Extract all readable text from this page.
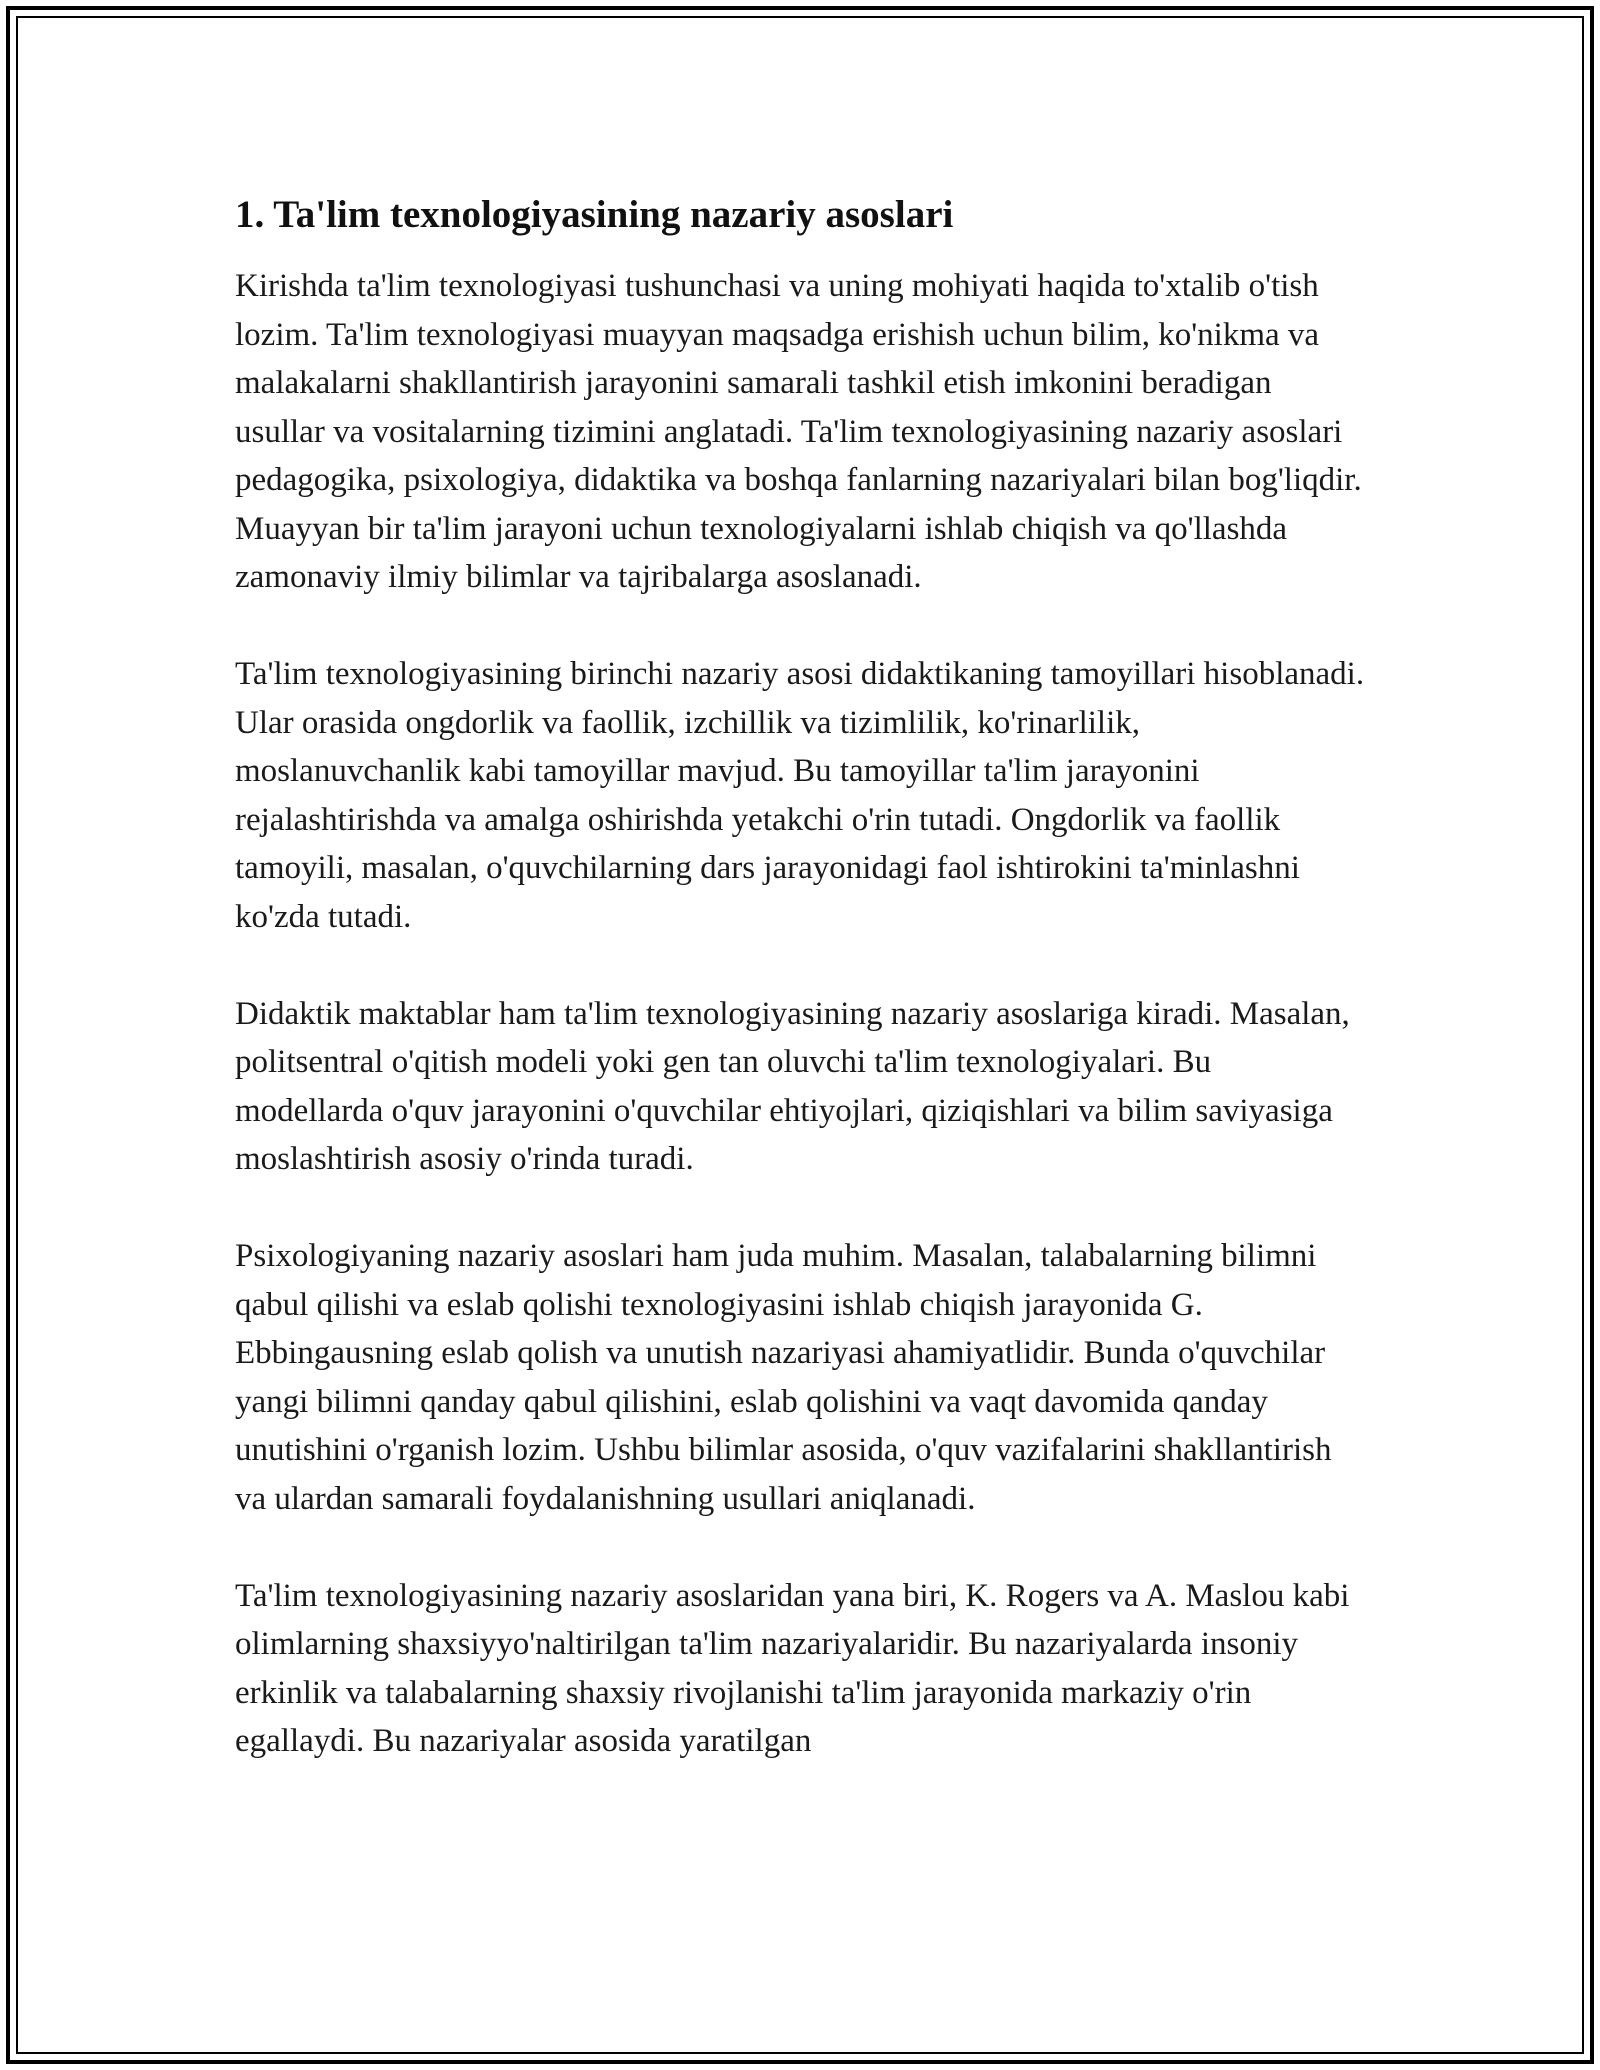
1. Ta'lim texnologiyasining nazariy asoslari

Kirishda ta'lim texnologiyasi tushunchasi va uning mohiyati haqida to'xtalib o'tish lozim. Ta'lim texnologiyasi muayyan maqsadga erishish uchun bilim, ko'nikma va malakalarni shakllantirish jarayonini samarali tashkil etish imkonini beradigan usullar va vositalarning tizimini anglatadi. Ta'lim texnologiyasining nazariy asoslari pedagogika, psixologiya, didaktika va boshqa fanlarning nazariyalari bilan bog'liqdir. Muayyan bir ta'lim jarayoni uchun texnologiyalarni ishlab chiqish va qo'llashda zamonaviy ilmiy bilimlar va tajribalarga asoslanadi.

Ta'lim texnologiyasining birinchi nazariy asosi didaktikaning tamoyillari hisoblanadi. Ular orasida ongdorlik va faollik, izchillik va tizimlilik, ko'rinarlilik, moslanuvchanlik kabi tamoyillar mavjud. Bu tamoyillar ta'lim jarayonini rejalashtirishda va amalga oshirishda yetakchi o'rin tutadi. Ongdorlik va faollik tamoyili, masalan, o'quvchilarning dars jarayonidagi faol ishtirokini ta'minlashni ko'zda tutadi.

Didaktik maktablar ham ta'lim texnologiyasining nazariy asoslariga kiradi. Masalan, politsentral o'qitish modeli yoki gen tan oluvchi ta'lim texnologiyalari. Bu modellarda o'quv jarayonini o'quvchilar ehtiyojlari, qiziqishlari va bilim saviyasiga moslashtirish asosiy o'rinda turadi.

Psixologiyaning nazariy asoslari ham juda muhim. Masalan, talabalarning bilimni qabul qilishi va eslab qolishi texnologiyasini ishlab chiqish jarayonida G. Ebbingausning eslab qolish va unutish nazariyasi ahamiyatlidir. Bunda o'quvchilar yangi bilimni qanday qabul qilishini, eslab qolishini va vaqt davomida qanday unutishini o'rganish lozim. Ushbu bilimlar asosida, o'quv vazifalarini shakllantirish va ulardan samarali foydalanishning usullari aniqlanadi.

Ta'lim texnologiyasining nazariy asoslaridan yana biri, K. Rogers va A. Maslou kabi olimlarning shaxsiyyo'naltirilgan ta'lim nazariyalaridir. Bu nazariyalarda insoniy erkinlik va talabalarning shaxsiy rivojlanishi ta'lim jarayonida markaziy o'rin egallaydi. Bu nazariyalar asosida yaratilgan
